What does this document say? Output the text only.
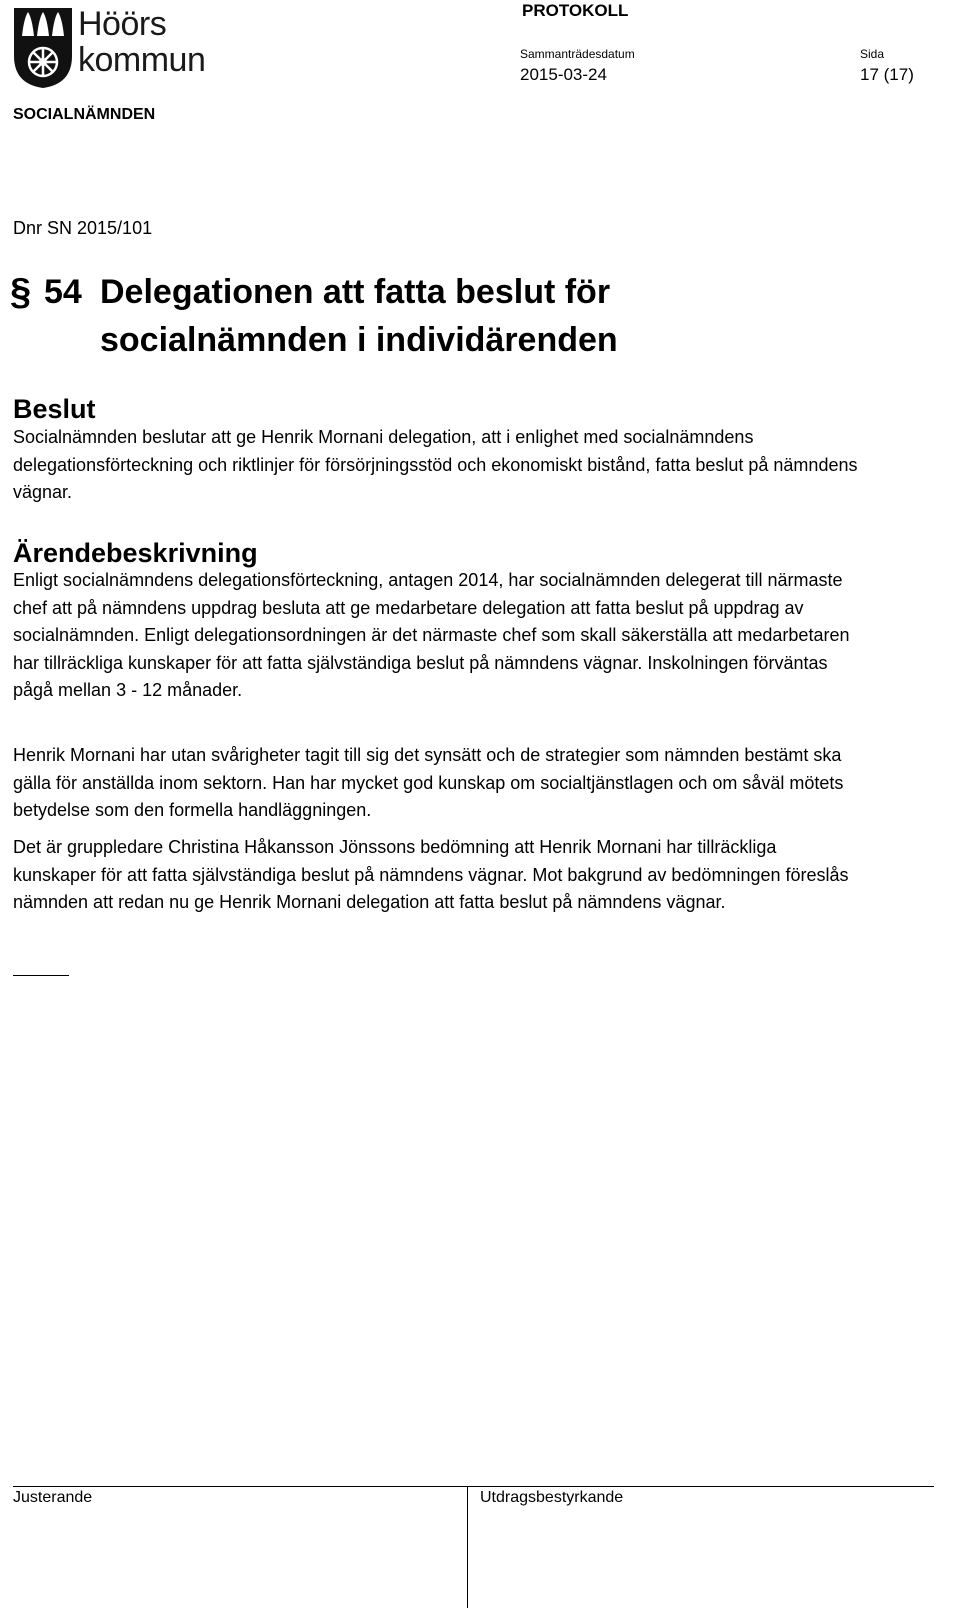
Höörs
kommun
PROTOKOLL
Sammanträdesdatum
2015-03-24
Sida
17 (17)
SOCIALNÄMNDEN
Dnr SN 2015/101
§ 54 Delegationen att fatta beslut för socialnämnden i individärenden
Beslut

Socialnämnden beslutar att ge Henrik Mornani delegation, att i enlighet med socialnämndens delegationsförteckning och riktlinjer för försörjningsstöd och ekonomiskt bistånd, fatta beslut på nämndens vägnar.

Ärendebeskrivning

Enligt socialnämndens delegationsförteckning, antagen 2014, har socialnämnden delegerat till närmaste chef att på nämndens uppdrag besluta att ge medarbetare delegation att fatta beslut på uppdrag av socialnämnden. Enligt delegationsordningen är det närmaste chef som skall säkerställa att medarbetaren har tillräckliga kunskaper för att fatta självständiga beslut på nämndens vägnar. Inskolningen förväntas pågå mellan 3 - 12 månader.

Henrik Mornani har utan svårigheter tagit till sig det synsätt och de strategier som nämnden bestämt ska gälla för anställda inom sektorn. Han har mycket god kunskap om socialtjänstlagen och om såväl mötets betydelse som den formella handläggningen.

Det är gruppledare Christina Håkansson Jönssons bedömning att Henrik Mornani har tillräckliga kunskaper för att fatta självständiga beslut på nämndens vägnar. Mot bakgrund av bedömningen föreslås nämnden att redan nu ge Henrik Mornani delegation att fatta beslut på nämndens vägnar.

Justerande	Utdragsbestyrkande
